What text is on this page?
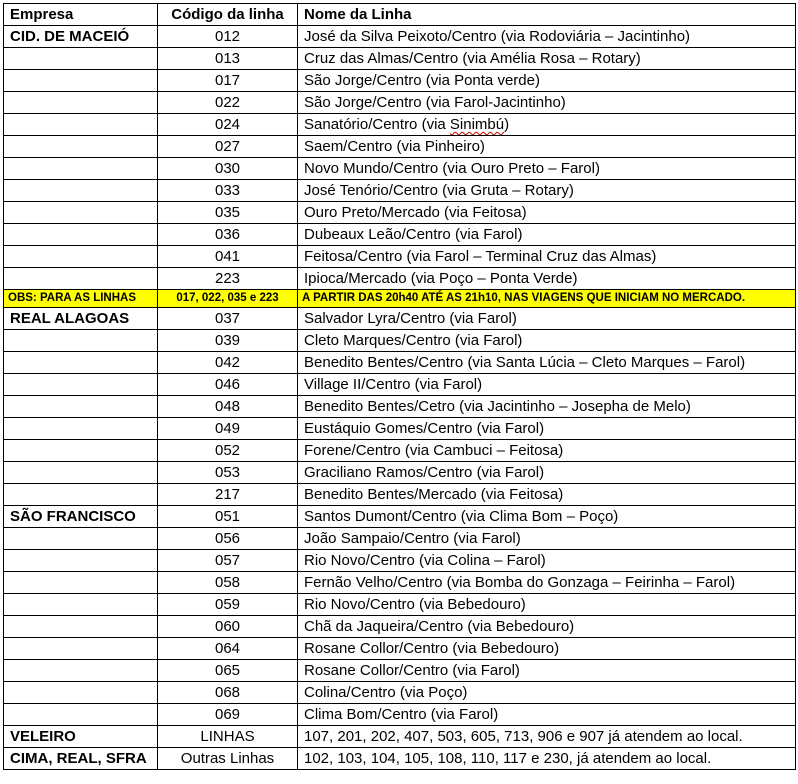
Empresa	Código da linha	Nome da Linha
CID. DE MACEIÓ	012	José da Silva Peixoto/Centro (via Rodoviária – Jacintinho)
	013	Cruz das Almas/Centro (via Amélia Rosa – Rotary)
	017	São Jorge/Centro (via Ponta verde)
	022	São Jorge/Centro (via Farol-Jacintinho)
	024	Sanatório/Centro (via Sinimbú)
	027	Saem/Centro (via Pinheiro)
	030	Novo Mundo/Centro (via Ouro Preto – Farol)
	033	José Tenório/Centro (via Gruta – Rotary)
	035	Ouro Preto/Mercado (via Feitosa)
	036	Dubeaux Leão/Centro (via Farol)
	041	Feitosa/Centro (via Farol – Terminal Cruz das Almas)
	223	Ipioca/Mercado (via Poço – Ponta Verde)
OBS: PARA AS LINHAS	017, 022, 035 e 223	A PARTIR DAS 20h40 ATÉ AS 21h10, NAS VIAGENS QUE INICIAM NO MERCADO.
REAL ALAGOAS	037	Salvador Lyra/Centro (via Farol)
	039	Cleto Marques/Centro (via Farol)
	042	Benedito Bentes/Centro (via Santa Lúcia – Cleto Marques – Farol)
	046	Village II/Centro (via Farol)
	048	Benedito Bentes/Cetro (via Jacintinho – Josepha de Melo)
	049	Eustáquio Gomes/Centro (via Farol)
	052	Forene/Centro (via Cambuci – Feitosa)
	053	Graciliano Ramos/Centro (via Farol)
	217	Benedito Bentes/Mercado (via Feitosa)
SÃO FRANCISCO	051	Santos Dumont/Centro (via Clima Bom – Poço)
	056	João Sampaio/Centro (via Farol)
	057	Rio Novo/Centro (via Colina – Farol)
	058	Fernão Velho/Centro (via Bomba do Gonzaga – Feirinha – Farol)
	059	Rio Novo/Centro (via Bebedouro)
	060	Chã da Jaqueira/Centro (via Bebedouro)
	064	Rosane Collor/Centro (via Bebedouro)
	065	Rosane Collor/Centro (via Farol)
	068	Colina/Centro (via Poço)
	069	Clima Bom/Centro (via Farol)
VELEIRO	LINHAS	107, 201, 202, 407, 503, 605, 713, 906 e 907 já atendem ao local.
CIMA, REAL, SFRA	Outras Linhas	102, 103, 104, 105, 108, 110, 117 e 230, já atendem ao local.
